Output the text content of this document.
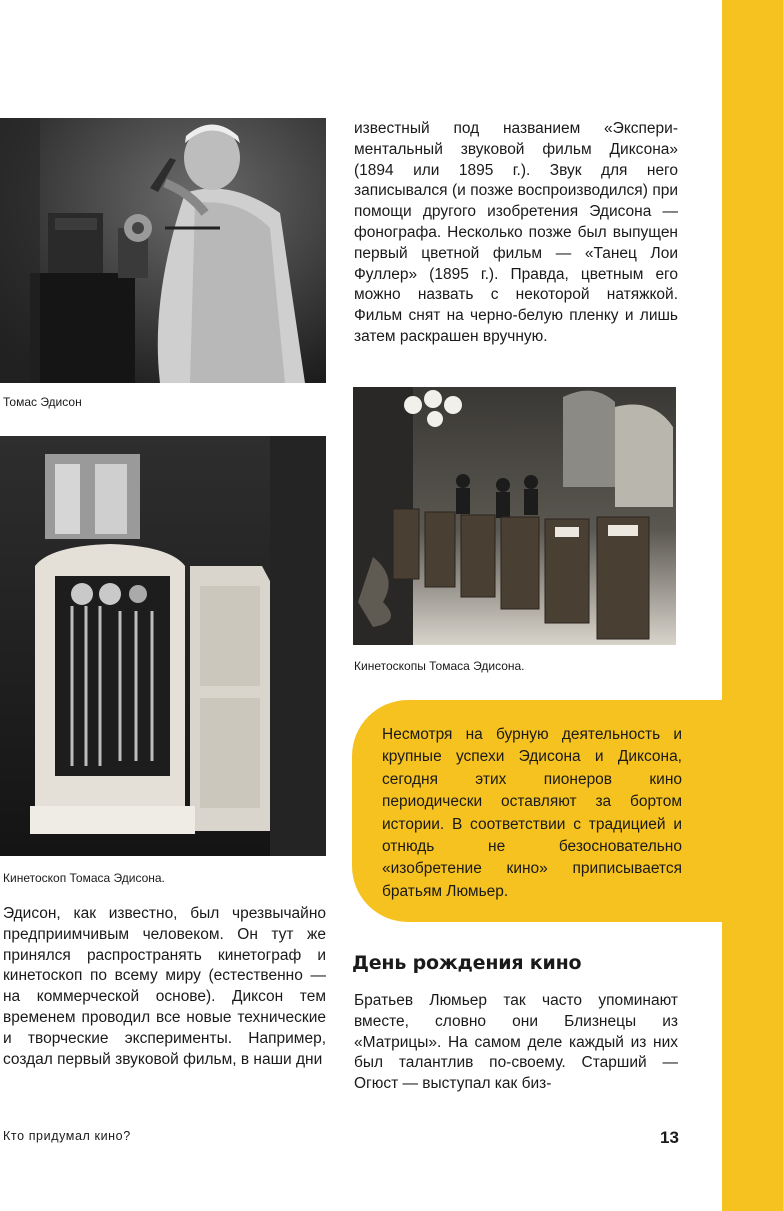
Томас Эдисон
Кинетоскоп Томаса Эдисона.
Кинетоскопы Томаса Эдисона.

известный под названием «Экспериментальный звуковой фильм Диксона» (1894 или 1895 г.). Звук для него записывался (и позже воспроизводился) при помощи другого изобретения Эдисона — фонографа. Несколько позже был выпущен первый цветной фильм — «Танец Лои Фуллер» (1895 г.). Правда, цветным его можно назвать с некоторой натяжкой. Фильм снят на черно-белую пленку и лишь затем раскрашен вручную.

Несмотря на бурную деятельность и крупные успехи Эдисона и Диксона, сегодня этих пионеров кино периодически оставляют за бортом истории. В соответствии с традицией и отнюдь не безосновательно «изобретение кино» приписывается братьям Люмьер.

Эдисон, как известно, был чрезвычайно предприимчивым человеком. Он тут же принялся распространять кинетограф и кинетоскоп по всему миру (естественно — на коммерческой основе). Диксон тем временем проводил все новые технические и творческие эксперименты. Например, создал первый звуковой фильм, в наши дни

День рождения кино

Братьев Люмьер так часто упоминают вместе, словно они Близнецы из «Матрицы». На самом деле каждый из них был талантлив по-своему. Старший — Огюст — выступал как биз-

Кто придумал кино?	13
